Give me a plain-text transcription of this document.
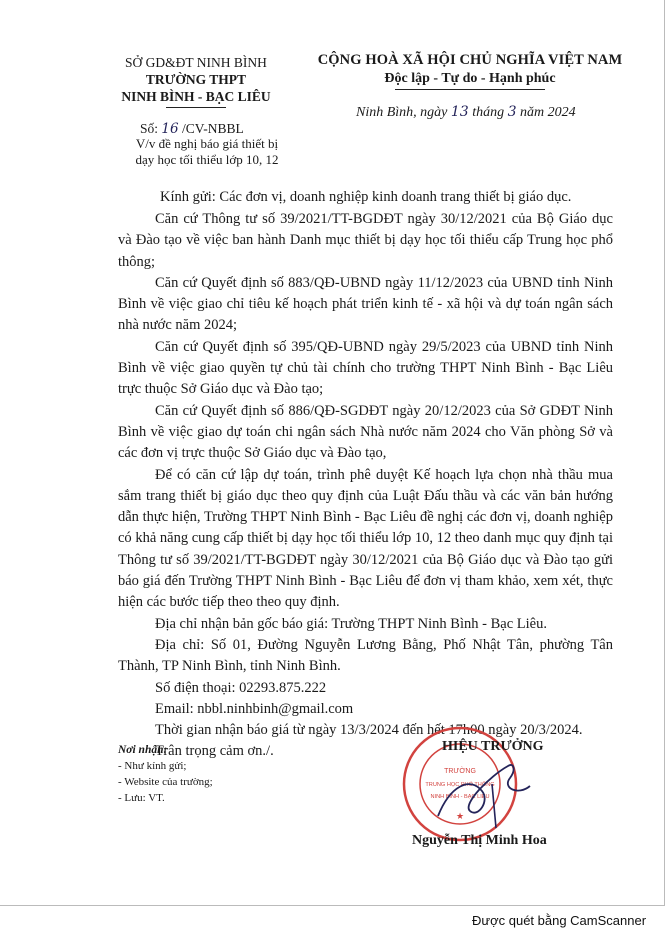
SỞ GD&ĐT NINH BÌNH
TRƯỜNG THPT
NINH BÌNH - BẠC LIÊU
CỘNG HOÀ XÃ HỘI CHỦ NGHĨA VIỆT NAM
Độc lập - Tự do - Hạnh phúc
Ninh Bình, ngày 13 tháng 3 năm 2024
Số: 16 /CV-NBBL
V/v đề nghị báo giá thiết bị
dạy học tối thiểu lớp 10, 12
Kính gửi: Các đơn vị, doanh nghiệp kinh doanh trang thiết bị giáo dục.

Căn cứ Thông tư số 39/2021/TT-BGDĐT ngày 30/12/2021 của Bộ Giáo dục và Đào tạo về việc ban hành Danh mục thiết bị dạy học tối thiểu cấp Trung học phổ thông;

Căn cứ Quyết định số 883/QĐ-UBND ngày 11/12/2023 của UBND tỉnh Ninh Bình về việc giao chỉ tiêu kế hoạch phát triển kinh tế - xã hội và dự toán ngân sách nhà nước năm 2024;

Căn cứ Quyết định số 395/QĐ-UBND ngày 29/5/2023 của UBND tỉnh Ninh Bình về việc giao quyền tự chủ tài chính cho trường THPT Ninh Bình - Bạc Liêu trực thuộc Sở Giáo dục và Đào tạo;

Căn cứ Quyết định số 886/QĐ-SGDĐT ngày 20/12/2023 của Sở GDĐT Ninh Bình về việc giao dự toán chi ngân sách Nhà nước năm 2024 cho Văn phòng Sở và các đơn vị trực thuộc Sở Giáo dục và Đào tạo,

Để có căn cứ lập dự toán, trình phê duyệt Kế hoạch lựa chọn nhà thầu mua sắm trang thiết bị giáo dục theo quy định của Luật Đấu thầu và các văn bản hướng dẫn thực hiện, Trường THPT Ninh Bình - Bạc Liêu đề nghị các đơn vị, doanh nghiệp có khả năng cung cấp thiết bị dạy học tối thiểu lớp 10, 12 theo danh mục quy định tại Thông tư số 39/2021/TT-BGDĐT ngày 30/12/2021 của Bộ Giáo dục và Đào tạo gửi báo giá đến Trường THPT Ninh Bình - Bạc Liêu để đơn vị tham khảo, xem xét, thực hiện các bước tiếp theo theo quy định.

Địa chỉ nhận bản gốc báo giá: Trường THPT Ninh Bình - Bạc Liêu.

Địa chỉ: Số 01, Đường Nguyễn Lương Bằng, Phố Nhật Tân, phường Tân Thành, TP Ninh Bình, tỉnh Ninh Bình.

Số điện thoại: 02293.875.222

Email: nbbl.ninhbinh@gmail.com

Thời gian nhận báo giá từ ngày 13/3/2024 đến hết 17h00 ngày 20/3/2024.

Trân trọng cảm ơn./.

Nơi nhận:
- Như kính gửi;
- Website của trường;
- Lưu: VT.
TRƯỜNG
TRUNG HỌC PHỔ THÔNG
NINH BÌNH - BẠC LIÊU
★
HIỆU TRƯỞNG
Nguyễn Thị Minh Hoa
Được quét bằng CamScanner
